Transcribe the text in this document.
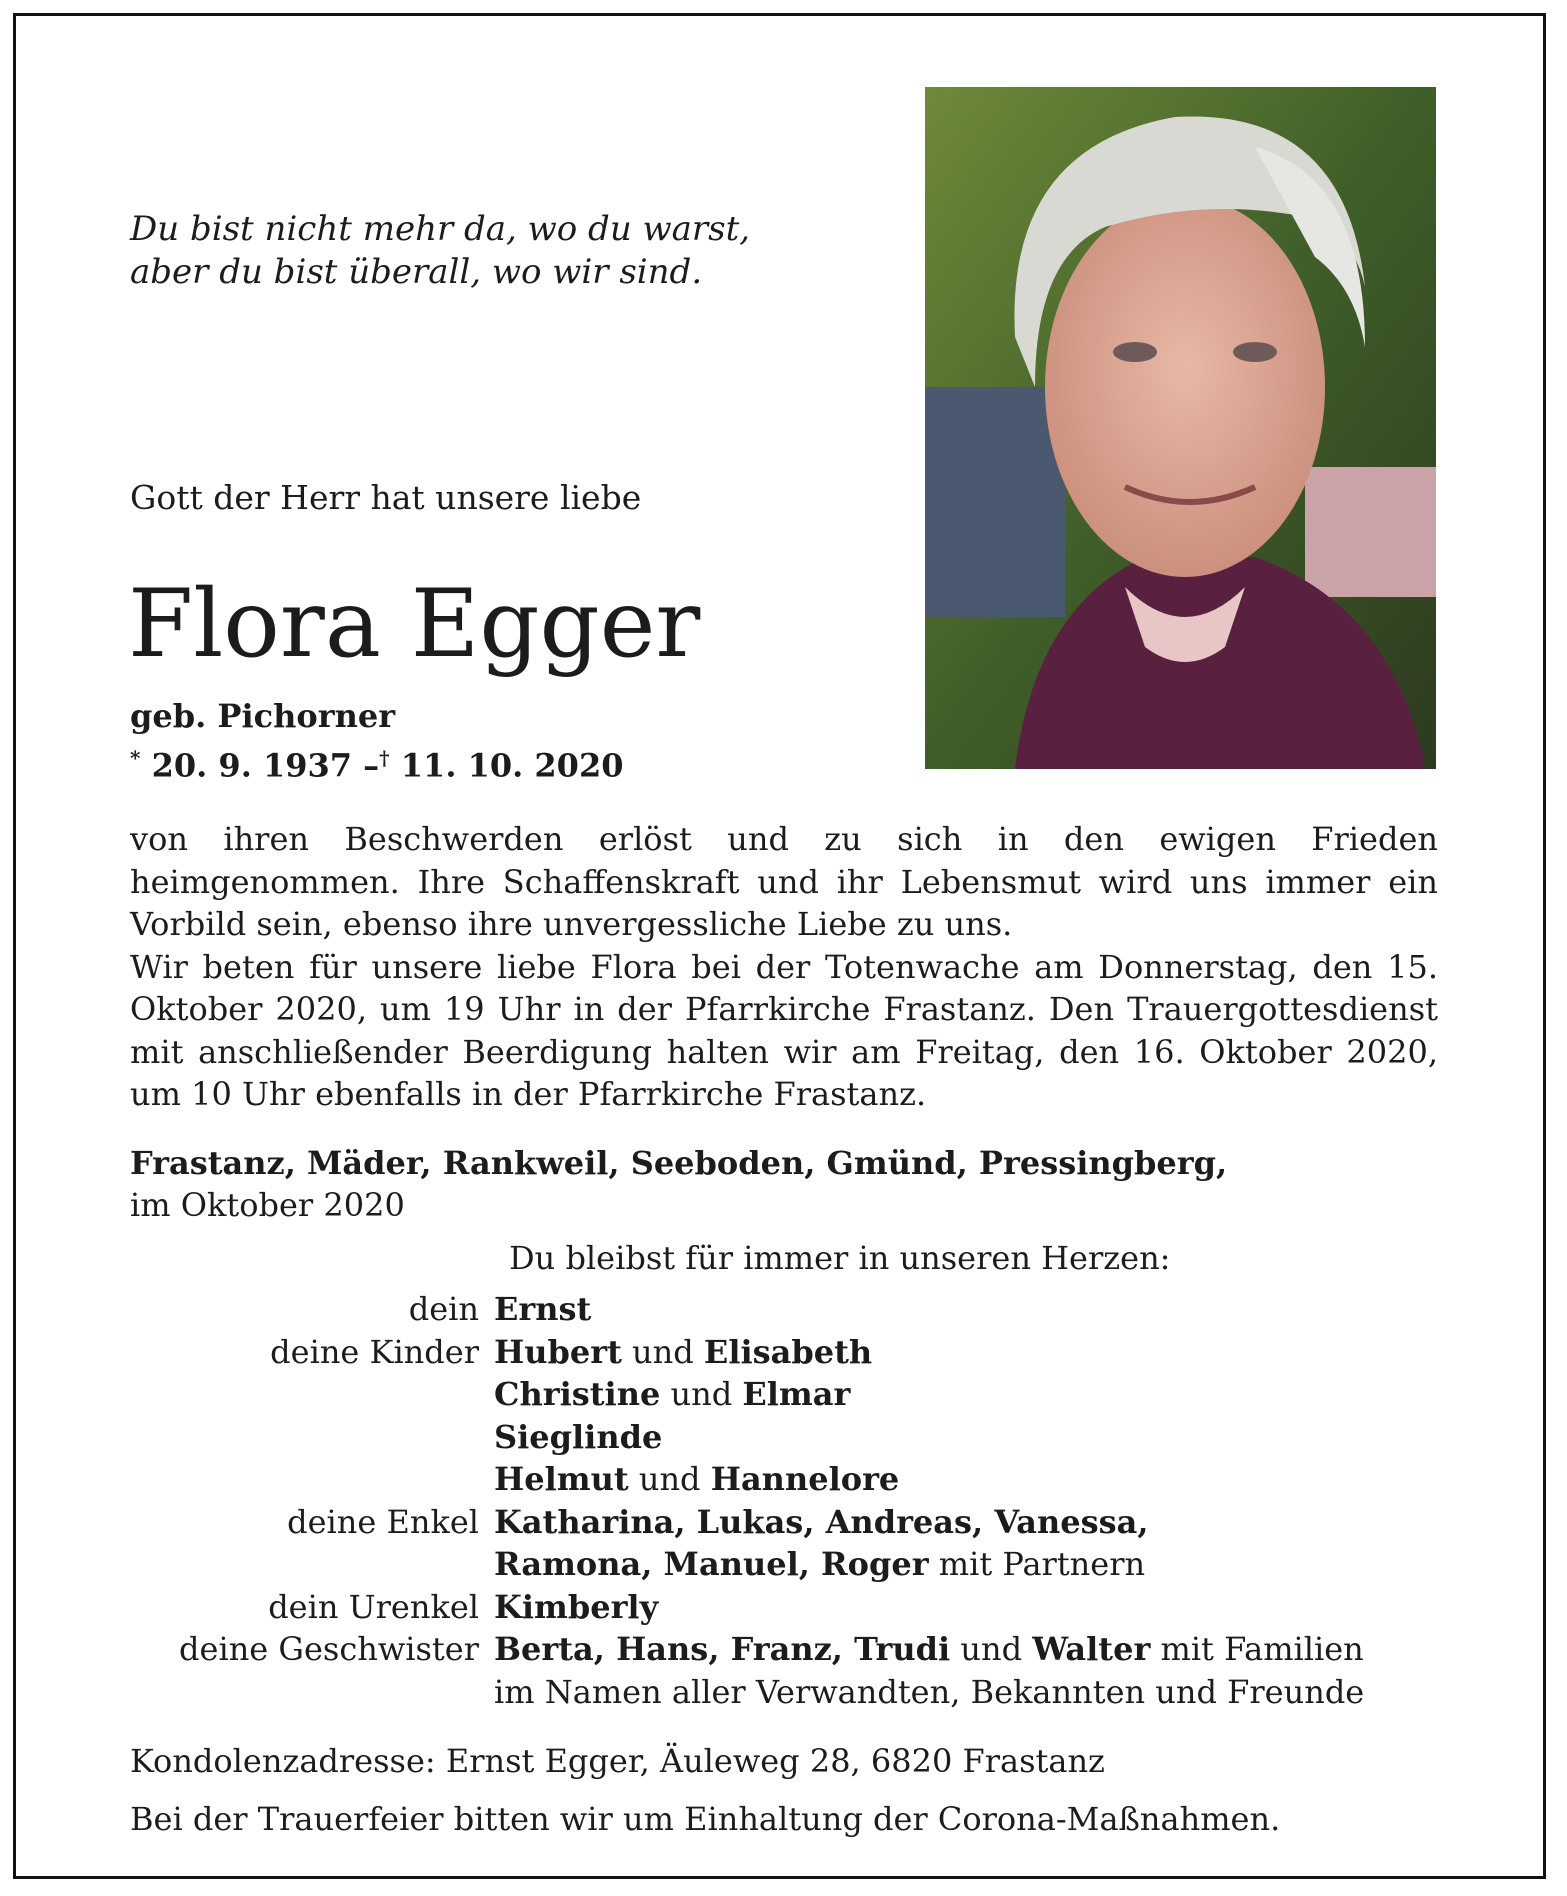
Du bist nicht mehr da, wo du warst,
aber du bist überall, wo wir sind.
Gott der Herr hat unsere liebe
Flora Egger
geb. Pichorner
* 20. 9. 1937 –† 11. 10. 2020

von ihren Beschwerden erlöst und zu sich in den ewigen Frieden heimgenommen. Ihre Schaffenskraft und ihr Lebensmut wird uns immer ein Vorbild sein, ebenso ihre unvergessliche Liebe zu uns.

Wir beten für unsere liebe Flora bei der Totenwache am Donnerstag, den 15. Oktober 2020, um 19 Uhr in der Pfarrkirche Frastanz. Den Trauergottesdienst mit anschließender Beerdigung halten wir am Freitag, den 16. Oktober 2020, um 10 Uhr ebenfalls in der Pfarrkirche Frastanz.

Frastanz, Mäder, Rankweil, Seeboden, Gmünd, Pressingberg,
im Oktober 2020
Du bleibst für immer in unseren Herzen:
dein Ernst
deine Kinder Hubert und Elisabeth
Christine und Elmar
Sieglinde
Helmut und Hannelore
deine Enkel Katharina, Lukas, Andreas, Vanessa,
Ramona, Manuel, Roger mit Partnern
dein Urenkel Kimberly
deine Geschwister Berta, Hans, Franz, Trudi und Walter mit Familien
im Namen aller Verwandten, Bekannten und Freunde
Kondolenzadresse: Ernst Egger, Äuleweg 28, 6820 Frastanz
Bei der Trauerfeier bitten wir um Einhaltung der Corona-Maßnahmen.
